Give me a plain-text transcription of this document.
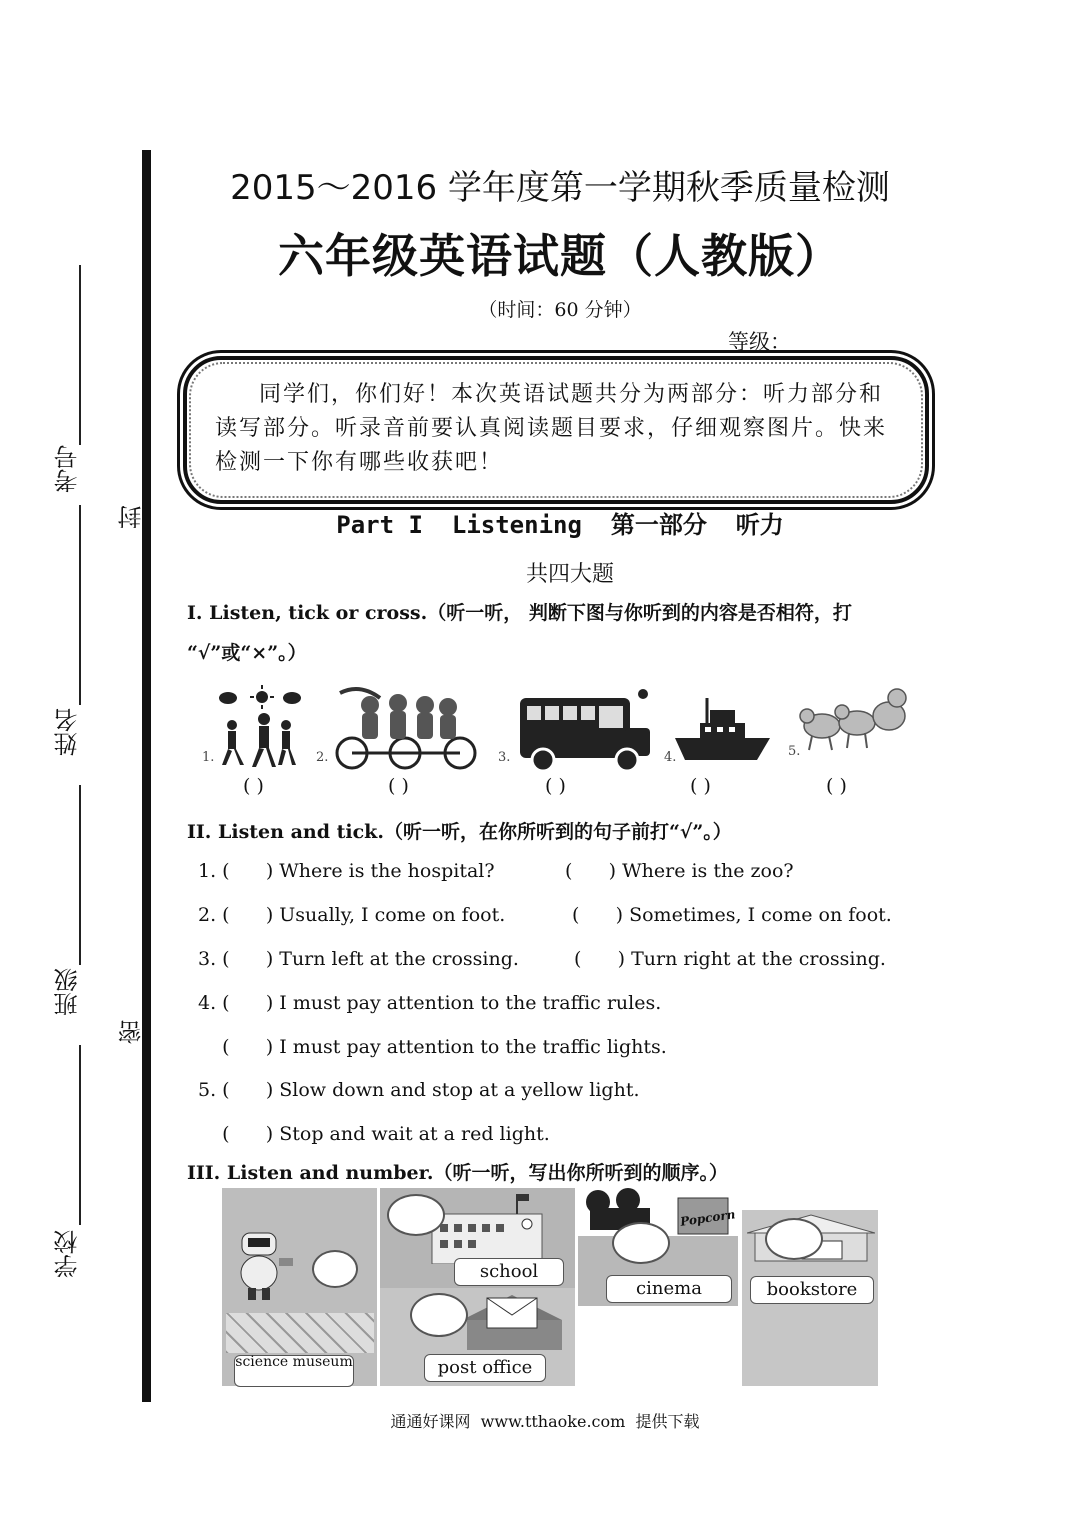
考号
姓名
班级
学校
封
密
2015～2016 学年度第一学期秋季质量检测
六年级英语试题（人教版）
（时间：60 分钟）
等级：
同学们，你们好！本次英语试题共分为两部分：听力部分和读写部分。听录音前要认真阅读题目要求，仔细观察图片。快来检测一下你有哪些收获吧！
Part I  Listening  第一部分  听力
共四大题
I. Listen, tick or cross.（听一听， 判断下图与你听到的内容是否相符，打
“√”或“×”。）
1.	2.	3.	4.	5.
( )	( )	( )	( )	( )
II. Listen and tick.（听一听，在你所听到的句子前打“√”。）
1. (      ) Where is the hospital?	(      ) Where is the zoo?
2. (      ) Usually, I come on foot.	(      ) Sometimes, I come on foot.
3. (      ) Turn left at the crossing.	(      ) Turn right at the crossing.
4. (      ) I must pay attention to the traffic rules.
(      ) I must pay attention to the traffic lights.
5. (      ) Slow down and stop at a yellow light.
(      ) Stop and wait at a red light.
III. Listen and number.（听一听，写出你所听到的顺序。）
science museum
school
post office
Popcorn
cinema	bookstore
通通好课网  www.tthaoke.com  提供下载
